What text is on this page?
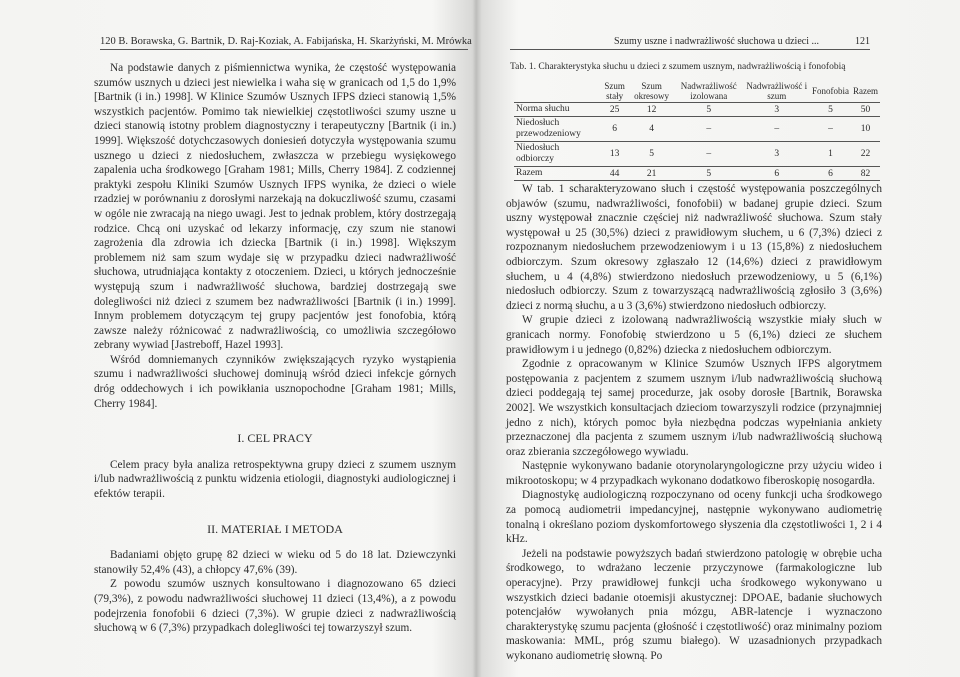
120 B. Borawska, G. Bartnik, D. Raj-Koziak, A. Fabijańska, H. Skarżyński, M. Mrówka

Na podstawie danych z piśmiennictwa wynika, że częstość występowania szumów usznych u dzieci jest niewielka i waha się w granicach od 1,5 do 1,9% [Bartnik (i in.) 1998]. W Klinice Szumów Usznych IFPS dzieci stanowią 1,5% wszystkich pacjentów. Pomimo tak niewielkiej częstotliwości szumy uszne u dzieci stanowią istotny problem diagnostyczny i terapeutyczny [Bartnik (i in.) 1999]. Większość dotychczasowych doniesień dotyczyła występowania szumu usznego u dzieci z niedosłuchem, zwłaszcza w przebiegu wysiękowego zapalenia ucha środkowego [Graham 1981; Mills, Cherry 1984]. Z codziennej praktyki zespołu Kliniki Szumów Usznych IFPS wynika, że dzieci o wiele rzadziej w porównaniu z dorosłymi narzekają na dokuczliwość szumu, czasami w ogóle nie zwracają na niego uwagi. Jest to jednak problem, który dostrzegają rodzice. Chcą oni uzyskać od lekarzy informację, czy szum nie stanowi zagrożenia dla zdrowia ich dziecka [Bartnik (i in.) 1998]. Większym problemem niż sam szum wydaje się w przypadku dzieci nadwrażliwość słuchowa, utrudniająca kontakty z otoczeniem. Dzieci, u których jednocześnie występują szum i nadwrażliwość słuchowa, bardziej dostrzegają swe dolegliwości niż dzieci z szumem bez nadwrażliwości [Bartnik (i in.) 1999]. Innym problemem dotyczącym tej grupy pacjentów jest fonofobia, którą zawsze należy różnicować z nadwrażliwością, co umożliwia szczegółowo zebrany wywiad [Jastreboff, Hazel 1993].

Wśród domniemanych czynników zwiększających ryzyko wystąpienia szumu i nadwrażliwości słuchowej dominują wśród dzieci infekcje górnych dróg oddechowych i ich powikłania usznopochodne [Graham 1981; Mills, Cherry 1984].

I. CEL PRACY

Celem pracy była analiza retrospektywna grupy dzieci z szumem usznym i/lub nadwrażliwością z punktu widzenia etiologii, diagnostyki audiologicznej i efektów terapii.

II. MATERIAŁ I METODA

Badaniami objęto grupę 82 dzieci w wieku od 5 do 18 lat. Dziewczynki stanowiły 52,4% (43), a chłopcy 47,6% (39).

Z powodu szumów usznych konsultowano i diagnozowano 65 dzieci (79,3%), z powodu nadwrażliwości słuchowej 11 dzieci (13,4%), a z powodu podejrzenia fonofobii 6 dzieci (7,3%). W grupie dzieci z nadwrażliwością słuchową w 6 (7,3%) przypadkach dolegliwości tej towarzyszył szum.

Szumy uszne i nadwrażliwość słuchowa u dzieci ...	121
Tab. 1. Charakterystyka słuchu u dzieci z szumem usznym, nadwrażliwością i fonofobią
	Szum stały	Szum okresowy	Nadwrażliwość izolowana	Nadwrażliwość i szum	Fonofobia	Razem
Norma słuchu	25	12	5	3	5	50
Niedosłuch przewodzeniowy	6	4	–	–	–	10
Niedosłuch odbiorczy	13	5	–	3	1	22
Razem	44	21	5	6	6	82

W tab. 1 scharakteryzowano słuch i częstość występowania poszczególnych objawów (szumu, nadwrażliwości, fonofobii) w badanej grupie dzieci. Szum uszny występował znacznie częściej niż nadwrażliwość słuchowa. Szum stały występował u 25 (30,5%) dzieci z prawidłowym słuchem, u 6 (7,3%) dzieci z rozpoznanym niedosłuchem przewodzeniowym i u 13 (15,8%) z niedosłuchem odbiorczym. Szum okresowy zgłaszało 12 (14,6%) dzieci z prawidłowym słuchem, u 4 (4,8%) stwierdzono niedosłuch przewodzeniowy, u 5 (6,1%) niedosłuch odbiorczy. Szum z towarzyszącą nadwrażliwością zgłosiło 3 (3,6%) dzieci z normą słuchu, a u 3 (3,6%) stwierdzono niedosłuch odbiorczy.

W grupie dzieci z izolowaną nadwrażliwością wszystkie miały słuch w granicach normy. Fonofobię stwierdzono u 5 (6,1%) dzieci ze słuchem prawidłowym i u jednego (0,82%) dziecka z niedosłuchem odbiorczym.

Zgodnie z opracowanym w Klinice Szumów Usznych IFPS algorytmem postępowania z pacjentem z szumem usznym i/lub nadwrażliwością słuchową dzieci poddegają tej samej procedurze, jak osoby dorosłe [Bartnik, Borawska 2002]. We wszystkich konsultacjach dzieciom towarzyszyli rodzice (przynajmniej jedno z nich), których pomoc była niezbędna podczas wypełniania ankiety przeznaczonej dla pacjenta z szumem usznym i/lub nadwrażliwością słuchową oraz zbierania szczegółowego wywiadu.

Następnie wykonywano badanie otorynolaryngologiczne przy użyciu wideo i mikrootoskopu; w 4 przypadkach wykonano dodatkowo fiberoskopię nosogardła.

Diagnostykę audiologiczną rozpoczynano od oceny funkcji ucha środkowego za pomocą audiometrii impedancyjnej, następnie wykonywano audiometrię tonalną i określano poziom dyskomfortowego słyszenia dla częstotliwości 1, 2 i 4 kHz.

Jeżeli na podstawie powyższych badań stwierdzono patologię w obrębie ucha środkowego, to wdrażano leczenie przyczynowe (farmakologiczne lub operacyjne). Przy prawidłowej funkcji ucha środkowego wykonywano u wszystkich dzieci badanie otoemisji akustycznej: DPOAE, badanie słuchowych potencjałów wywołanych pnia mózgu, ABR-latencje i wyznaczono charakterystykę szumu pacjenta (głośność i częstotliwość) oraz minimalny poziom maskowania: MML, próg szumu białego). W uzasadnionych przypadkach wykonano audiometrię słowną. Po
